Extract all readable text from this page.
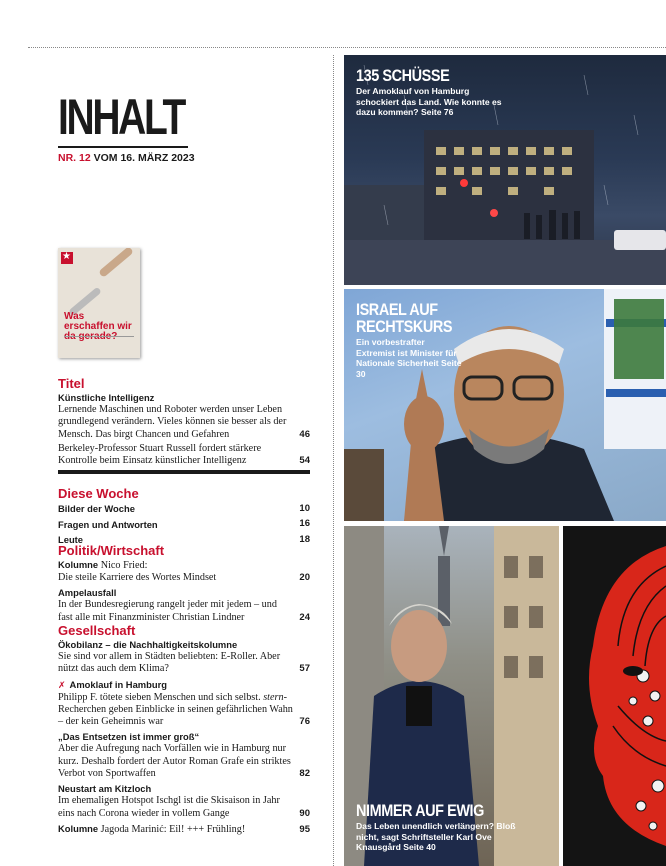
INHALT
NR. 12 VOM 16. MÄRZ 2023
★
Was erschaffen wir da gerade?
Titel
Künstliche Intelligenz
Lernende Maschinen und Roboter werden unser Leben grundlegend verändern. Vieles können sie besser als der Mensch. Das birgt Chancen und Gefahren	46
Berkeley-Professor Stuart Russell fordert stärkere Kontrolle beim Einsatz künstlicher Intelligenz	54
Diese Woche
Bilder der Woche	10
Fragen und Antworten	16
Leute	18
Politik/Wirtschaft
Kolumne Nico Fried:
Die steile Karriere des Wortes Mindset	20
Ampelausfall
In der Bundesregierung rangelt jeder mit jedem – und fast alle mit Finanzminister Christian Lindner	24
Gesellschaft
Ökobilanz – die Nachhaltigkeitskolumne
Sie sind vor allem in Städten beliebten: E-Roller. Aber nützt das auch dem Klima?	57
✗ Amoklauf in Hamburg
Philipp F. tötete sieben Menschen und sich selbst. stern-Recherchen geben Einblicke in seinen gefährlichen Wahn – der kein Geheimnis war	76
„Das Entsetzen ist immer groß“
Aber die Aufregung nach Vorfällen wie in Hamburg nur kurz. Deshalb fordert der Autor Roman Grafe ein striktes Verbot von Sportwaffen	82
Neustart am Kitzloch
Im ehemaligen Hotspot Ischgl ist die Skisaison in Jahr eins nach Corona wieder in vollem Gange	90
Kolumne Jagoda Marinić: Eil! +++ Frühling!	95
135 SCHÜSSE
Der Amoklauf von Hamburg schockiert das Land. Wie konnte es dazu kommen? Seite 76
ISRAEL AUF
RECHTSKURS
Ein vorbestrafter Extremist ist Minister für Nationale Sicherheit Seite 30
NIMMER AUF EWIG
Das Leben unendlich verlängern? Bloß nicht, sagt Schriftsteller Karl Ove Knausgård Seite 40
